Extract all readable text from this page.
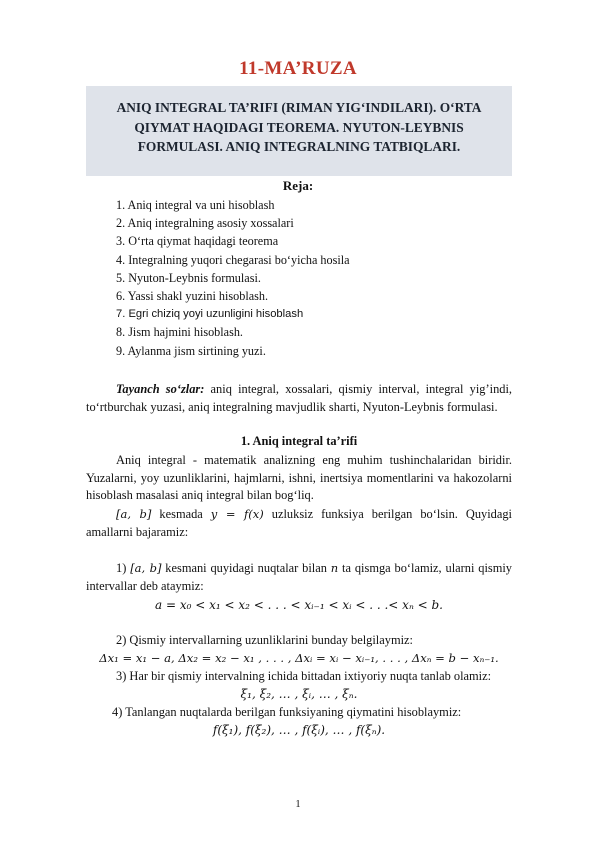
11-MA’RUZA
ANIQ INTEGRAL TA’RIFI (RIMAN YIG‘INDILARI). O‘RTA QIYMAT HAQIDAGI TEOREMA. NYUTON-LEYBNIS FORMULASI. ANIQ INTEGRALNING TATBIQLARI.
Reja:
1. Aniq integral va uni hisoblash
2. Aniq integralning asosiy xossalari
3. O‘rta qiymat haqidagi teorema
4. Integralning yuqori chegarasi bo‘yicha hosila
5. Nyuton-Leybnis formulasi.
6. Yassi shakl yuzini hisoblash.
7. Egri chiziq yoyi uzunligini hisoblash
8. Jism hajmini hisoblash.
9. Aylanma jism sirtining yuzi.

Tayanch so‘zlar: aniq integral, xossalari, qismiy interval, integral yig’indi, to‘rtburchak yuzasi, aniq integralning mavjudlik sharti, Nyuton-Leybnis formulasi.

1. Aniq integral ta’rifi

Aniq integral - matematik analizning eng muhim tushinchalaridan biridir. Yuzalarni, yoy uzunliklarini, hajmlarni, ishni, inertsiya momentlarini va hakozolarni hisoblash masalasi aniq integral bilan bog‘liq.

[a, b] kesmada y = f(x) uzluksiz funksiya berilgan bo‘lsin. Quyidagi amallarni bajaramiz:

1) [a, b] kesmani quyidagi nuqtalar bilan n ta qismga bo‘lamiz, ularni qismiy intervallar deb ataymiz:

a = x₀ < x₁ < x₂ < . . . < xᵢ₋₁ < xᵢ < . . .< xₙ < b.
2) Qismiy intervallarning uzunliklarini bunday belgilaymiz:
Δx₁ = x₁ − a, Δx₂ = x₂ − x₁ , . . . , Δxᵢ = xᵢ − xᵢ₋₁, . . . , Δxₙ = b − xₙ₋₁.
3) Har bir qismiy intervalning ichida bittadan ixtiyoriy nuqta tanlab olamiz:
ξ₁, ξ₂, … , ξᵢ, … , ξₙ.
4) Tanlangan nuqtalarda berilgan funksiyaning qiymatini hisoblaymiz:
f(ξ₁), f(ξ₂), … , f(ξᵢ), … , f(ξₙ).
1
